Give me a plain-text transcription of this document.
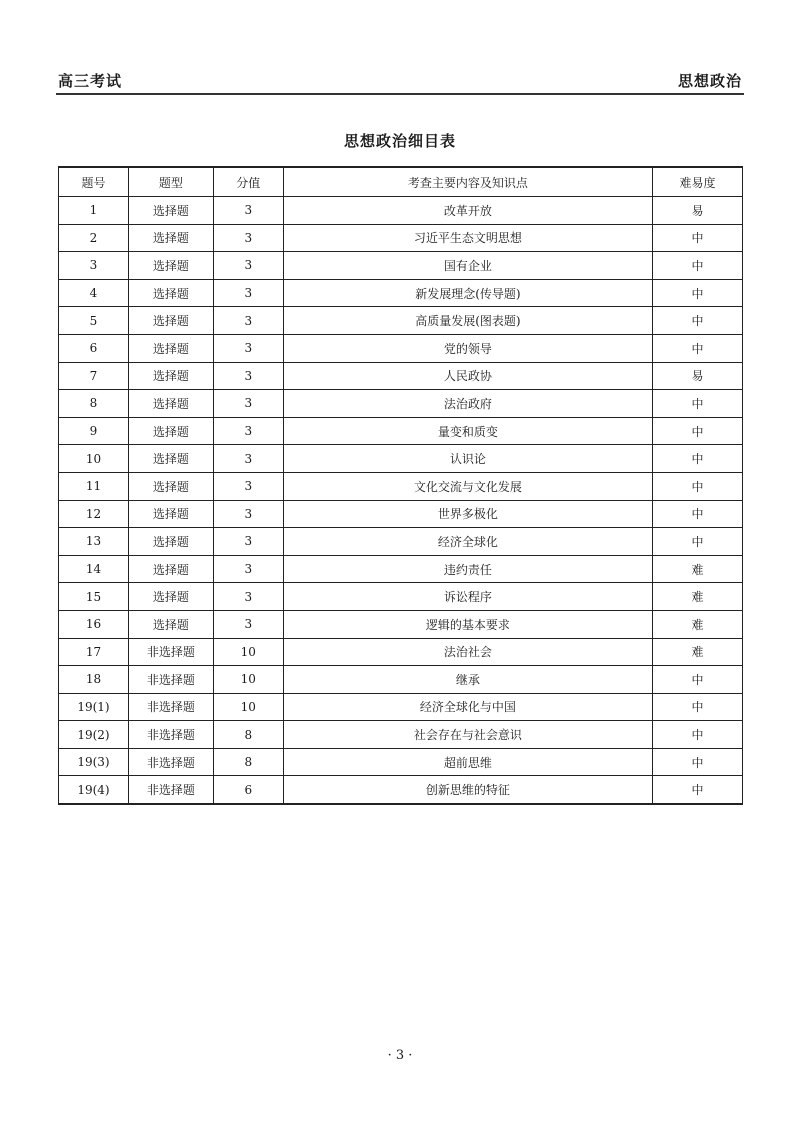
高三考试	思想政治
思想政治细目表
题号	题型	分值	考查主要内容及知识点	难易度
1	选择题	3	改革开放	易
2	选择题	3	习近平生态文明思想	中
3	选择题	3	国有企业	中
4	选择题	3	新发展理念(传导题)	中
5	选择题	3	高质量发展(图表题)	中
6	选择题	3	党的领导	中
7	选择题	3	人民政协	易
8	选择题	3	法治政府	中
9	选择题	3	量变和质变	中
10	选择题	3	认识论	中
11	选择题	3	文化交流与文化发展	中
12	选择题	3	世界多极化	中
13	选择题	3	经济全球化	中
14	选择题	3	违约责任	难
15	选择题	3	诉讼程序	难
16	选择题	3	逻辑的基本要求	难
17	非选择题	10	法治社会	难
18	非选择题	10	继承	中
19(1)	非选择题	10	经济全球化与中国	中
19(2)	非选择题	8	社会存在与社会意识	中
19(3)	非选择题	8	超前思维	中
19(4)	非选择题	6	创新思维的特征	中
· 3 ·
